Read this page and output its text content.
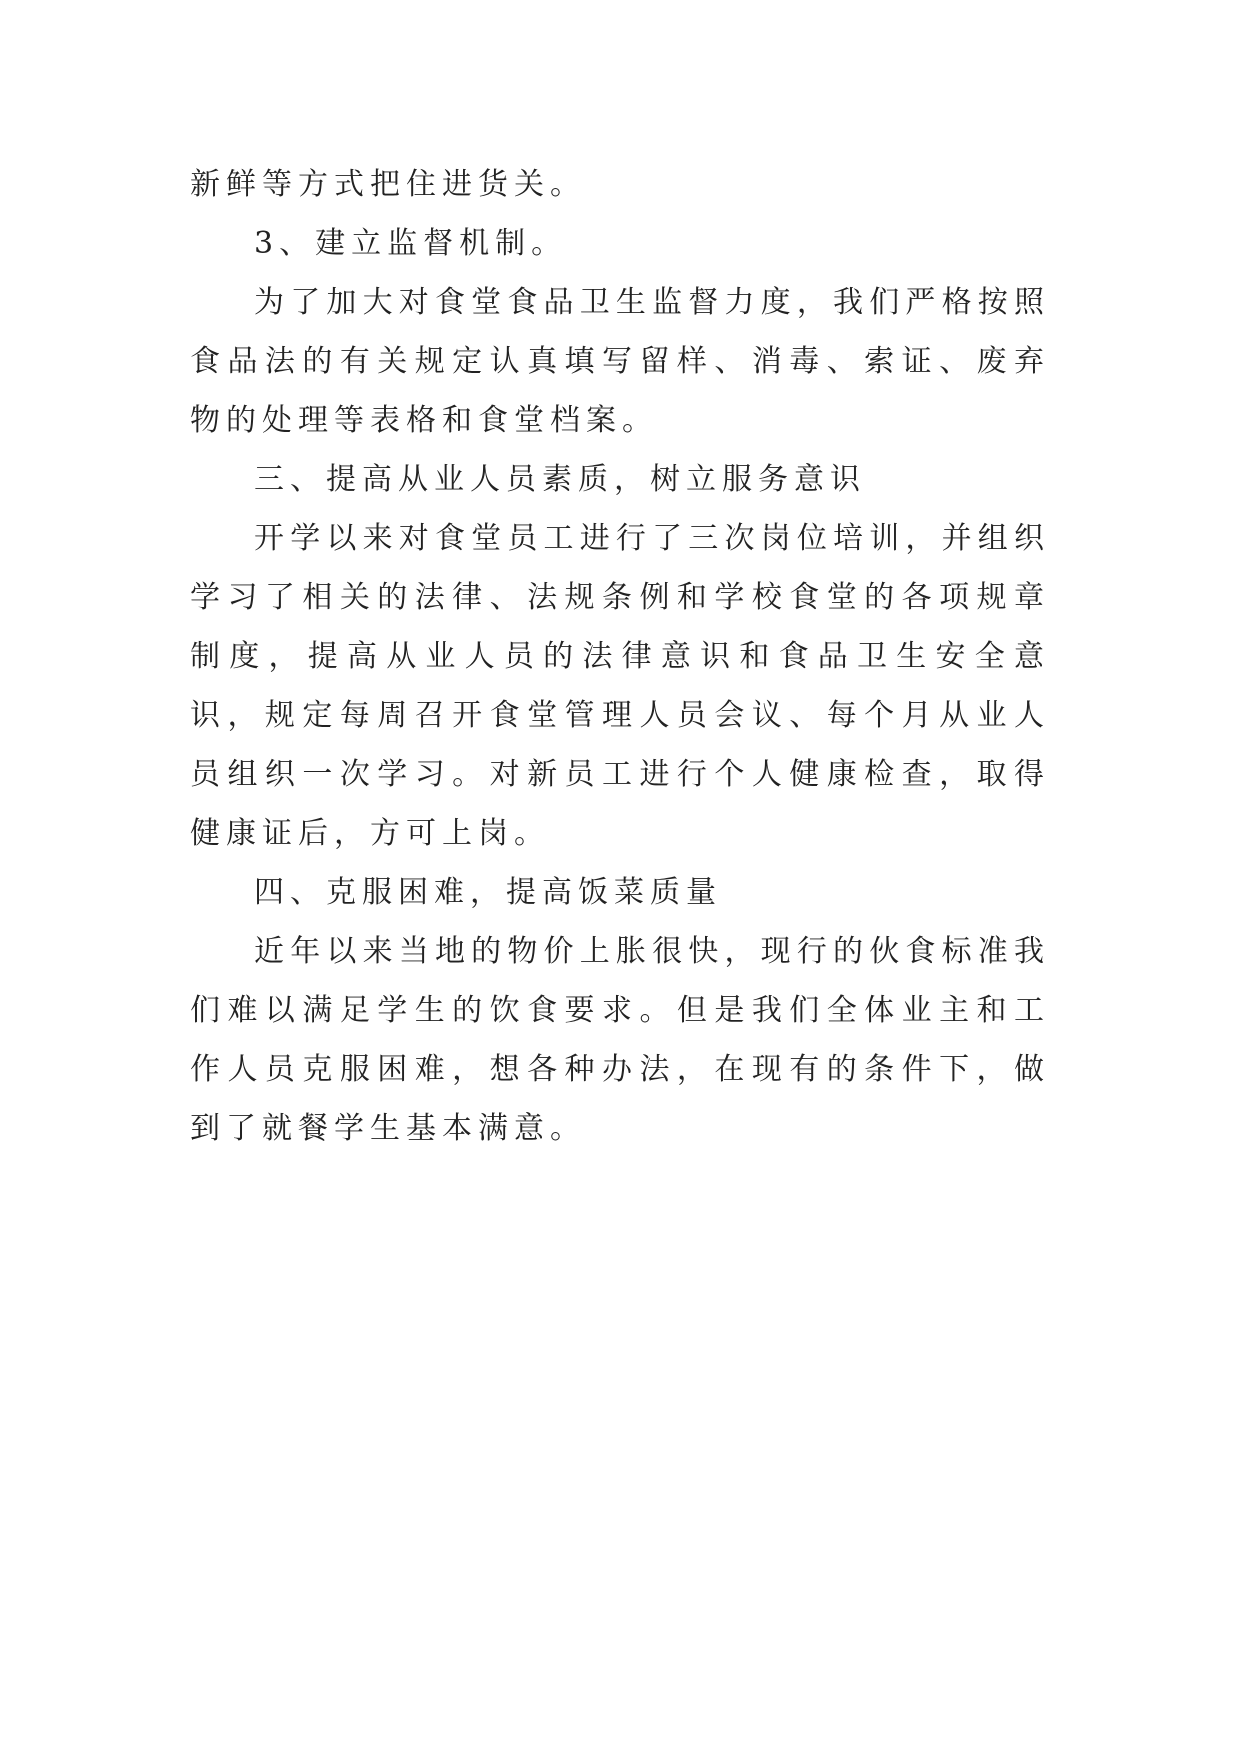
新鲜等方式把住进货关。

3、建立监督机制。

为了加大对食堂食品卫生监督力度，我们严格按照食品法的有关规定认真填写留样、消毒、索证、废弃物的处理等表格和食堂档案。

三、提高从业人员素质，树立服务意识

开学以来对食堂员工进行了三次岗位培训，并组织学习了相关的法律、法规条例和学校食堂的各项规章制度，提高从业人员的法律意识和食品卫生安全意识，规定每周召开食堂管理人员会议、每个月从业人员组织一次学习。对新员工进行个人健康检查，取得健康证后，方可上岗。

四、克服困难，提高饭菜质量

近年以来当地的物价上胀很快，现行的伙食标准我们难以满足学生的饮食要求。但是我们全体业主和工作人员克服困难，想各种办法，在现有的条件下，做到了就餐学生基本满意。
